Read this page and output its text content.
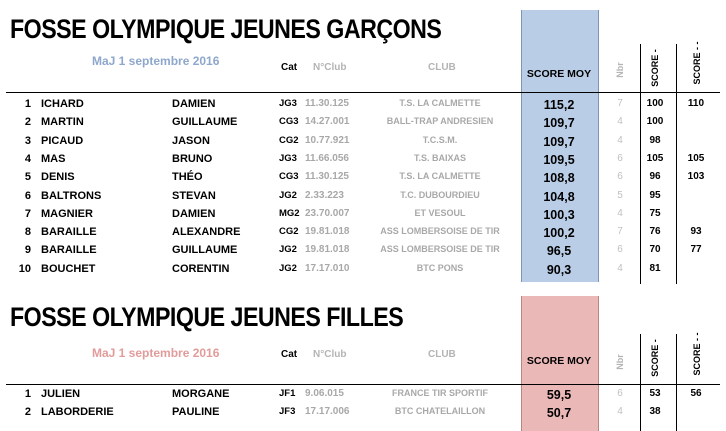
FOSSE OLYMPIQUE JEUNES GARÇONS
MaJ 1 septembre 2016	Cat N°Club	CLUB
SCORE MOY	Nbr	SCORE -	SCORE - -
1 ICHARD	DAMIEN	JG3 11.30.125	T.S. LA CALMETTE	115,2	7	100	110
2 MARTIN	GUILLAUME	CG3 14.27.001	BALL-TRAP ANDRESIEN	109,7	4	100
3 PICAUD	JASON	CG2 10.77.921	T.C.S.M.	109,7	4	98
4 MAS	BRUNO	JG3 11.66.056	T.S. BAIXAS	109,5	6	105	105
5 DENIS	THÉO	CG3 11.30.125	T.S. LA CALMETTE	108,8	6	96	103
6 BALTRONS	STEVAN	JG2 2.33.223	T.C. DUBOURDIEU	104,8	5	95
7 MAGNIER	DAMIEN	MG2 23.70.007	ET VESOUL	100,3	4	75
8 BARAILLE	ALEXANDRE	CG2 19.81.018	ASS LOMBERSOISE DE TIR	100,2	7	76	93
9 BARAILLE	GUILLAUME	JG2 19.81.018	ASS LOMBERSOISE DE TIR	96,5	6	70	77
10 BOUCHET	CORENTIN	JG2 17.17.010	BTC PONS	90,3	4	81
FOSSE OLYMPIQUE JEUNES FILLES
MaJ 1 septembre 2016	Cat N°Club	CLUB
SCORE MOY	Nbr	SCORE -	SCORE - -
1 JULIEN	MORGANE	JF1 9.06.015	FRANCE TIR SPORTIF	59,5	6	53	56
2 LABORDERIE	PAULINE	JF3 17.17.006	BTC CHATELAILLON	50,7	4	38
